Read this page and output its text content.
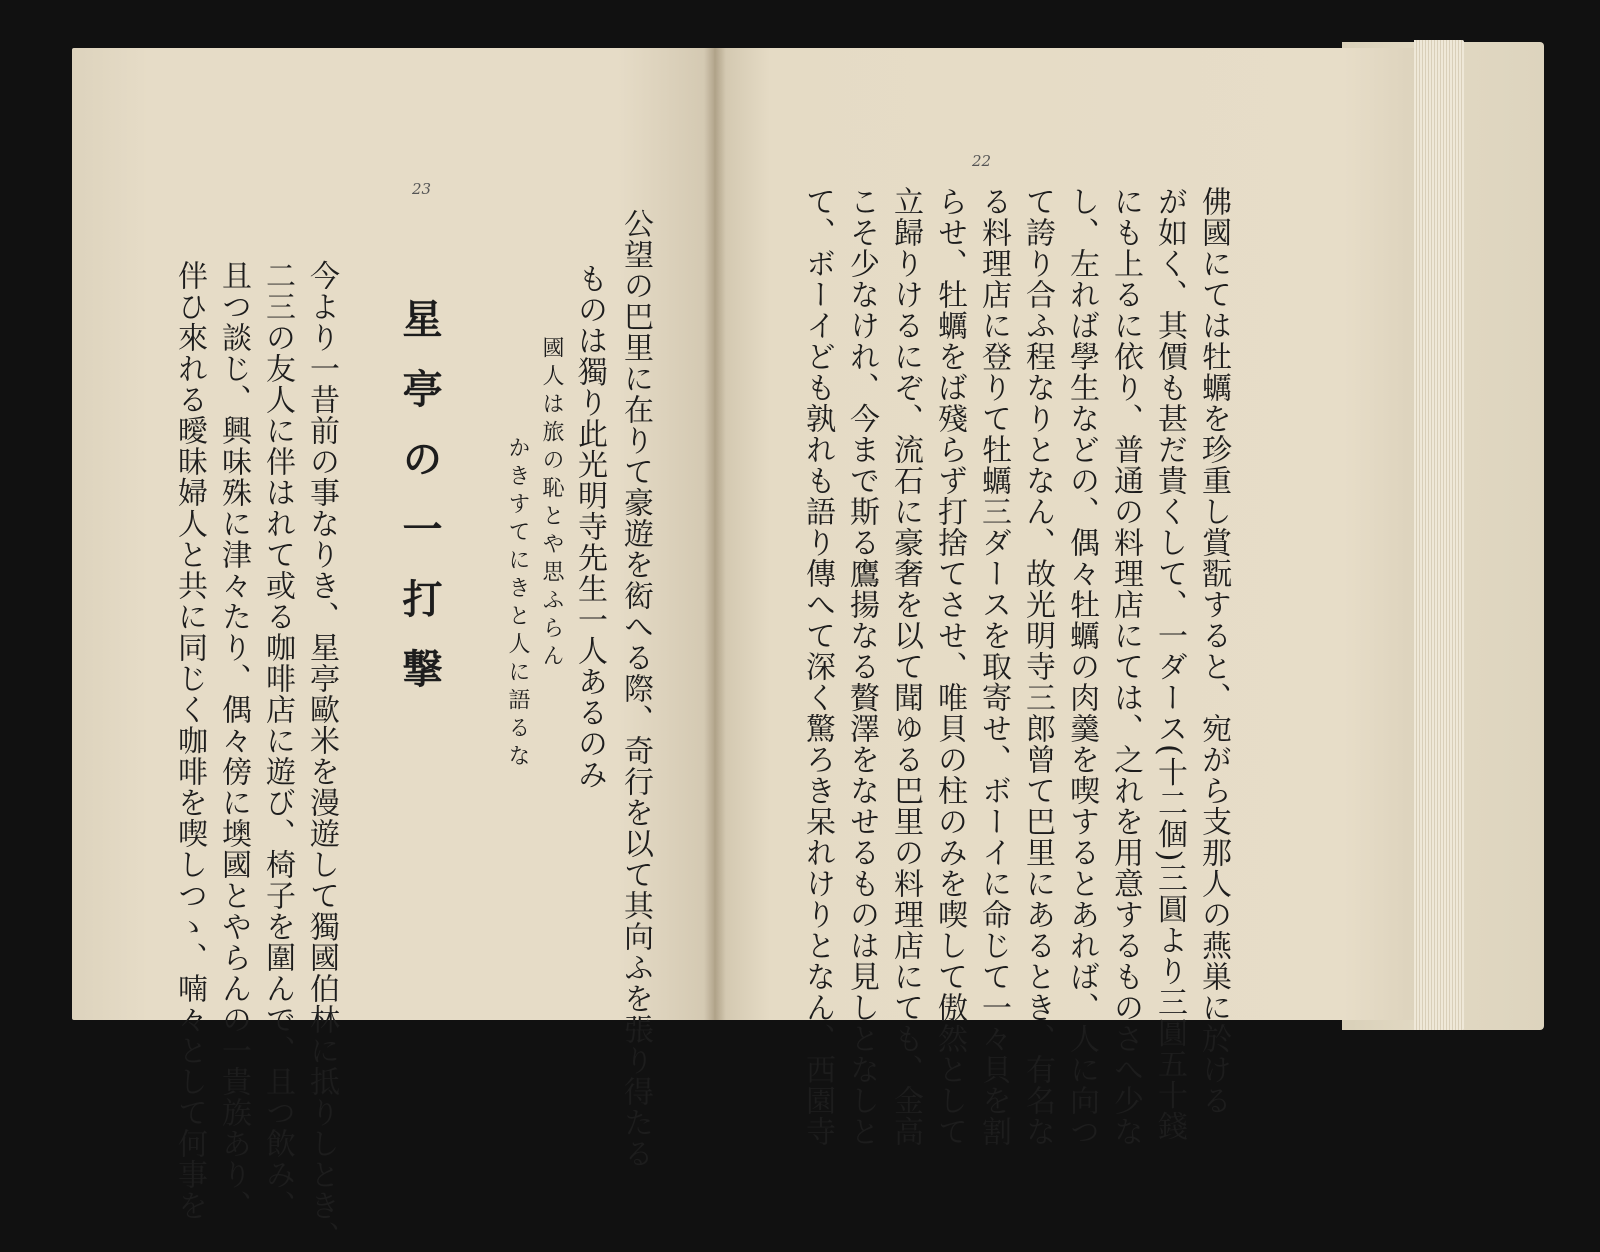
23
公望の巴里に在りて豪遊を衒へる際、奇行を以て其向ふを張り得たる
ものは獨り此光明寺先生一人あるのみ
國人は旅の恥とや思ふらん
かきすてにきと人に語るな
星亭の一打撃
今より一昔前の事なりき、星亭歐米を漫遊して獨國伯林に抵りしとき、
二三の友人に伴はれて或る咖啡店に遊び、椅子を圍んで、且つ飲み、
且つ談じ、興味殊に津々たり、偶々傍に墺國とやらんの一貴族あり、
伴ひ來れる曖昧婦人と共に同じく咖啡を喫しつゝ、喃々として何事を
22
佛國にては牡蠣を珍重し賞翫すると、宛がら支那人の燕巣に於ける
が如く、其價も甚だ貴くして、一ダース(十二個)三圓より三圓五十錢
にも上るに依り、普通の料理店にては、之れを用意するものさへ少な
し、左れば學生などの、偶々牡蠣の肉羹を喫するとあれば、人に向つ
て誇り合ふ程なりとなん、故光明寺三郎曾て巴里にあるとき、有名な
る料理店に登りて牡蠣三ダースを取寄せ、ボーイに命じて一々貝を割
らせ、牡蠣をば殘らず打捨てさせ、唯貝の柱のみを喫して傲然として
立歸りけるにぞ、流石に豪奢を以て聞ゆる巴里の料理店にても、金高
こそ少なけれ、今まで斯る鷹揚なる贅澤をなせるものは見しとなしと
て、ボーイども孰れも語り傳へて深く驚ろき呆れけりとなん、西園寺
